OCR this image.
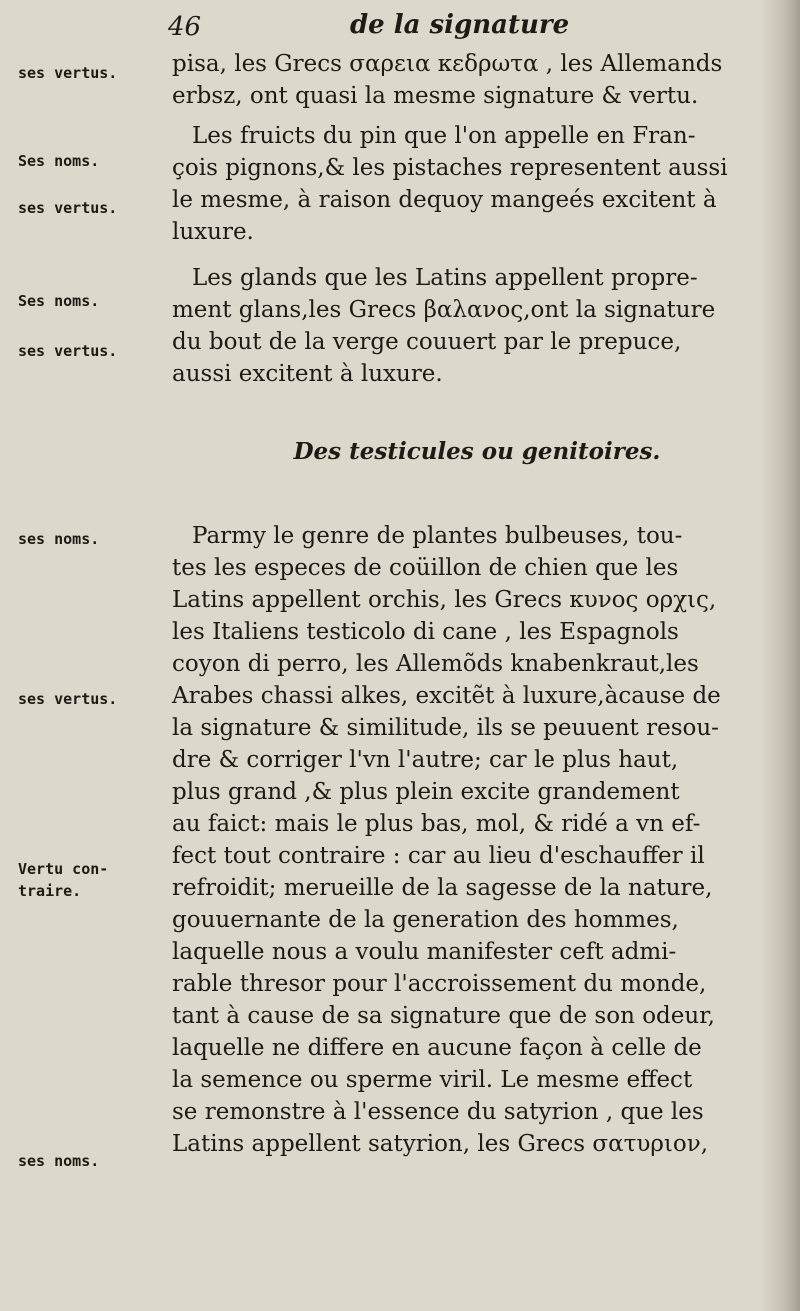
46	de la signature
ses vertus.
Ses noms.
ses vertus.
Ses noms.
ses vertus.
ses noms.
ses vertus.
Vertu con-
traire.
ses noms.
pisa, les Grecs σαρεια κεδρωτα , les Allemands
erbsz, ont quasi la mesme signature & vertu.
Les fruicts du pin que l'on appelle en Fran-
çois pignons,& les pistaches representent aussi
le mesme, à raison dequoy mangeés excitent à
luxure.
Les glands que les Latins appellent propre-
ment glans,les Grecs βαλανος,ont la signature
du bout de la verge couuert par le prepuce,
aussi excitent à luxure.
Des testicules ou genitoires.
Parmy le genre de plantes bulbeuses, tou-
tes les especes de coüillon de chien que les
Latins appellent orchis, les Grecs κυνος ορχις,
les Italiens testicolo di cane , les Espagnols
coyon di perro, les Allemõds knabenkraut,les
Arabes chassi alkes, excitẽt à luxure,àcause de
la signature & similitude, ils se peuuent resou-
dre & corriger l'vn l'autre; car le plus haut,
plus grand ,& plus plein excite grandement
au faict: mais le plus bas, mol, & ridé a vn ef-
fect tout contraire : car au lieu d'eschauffer il
refroidit; merueille de la sagesse de la nature,
gouuernante de la generation des hommes,
laquelle nous a voulu manifester ceft admi-
rable thresor pour l'accroissement du monde,
tant à cause de sa signature que de son odeur,
laquelle ne differe en aucune façon à celle de
la semence ou sperme viril. Le mesme effect
se remonstre à l'essence du satyrion , que les
Latins appellent satyrion, les Grecs σατυριον,
